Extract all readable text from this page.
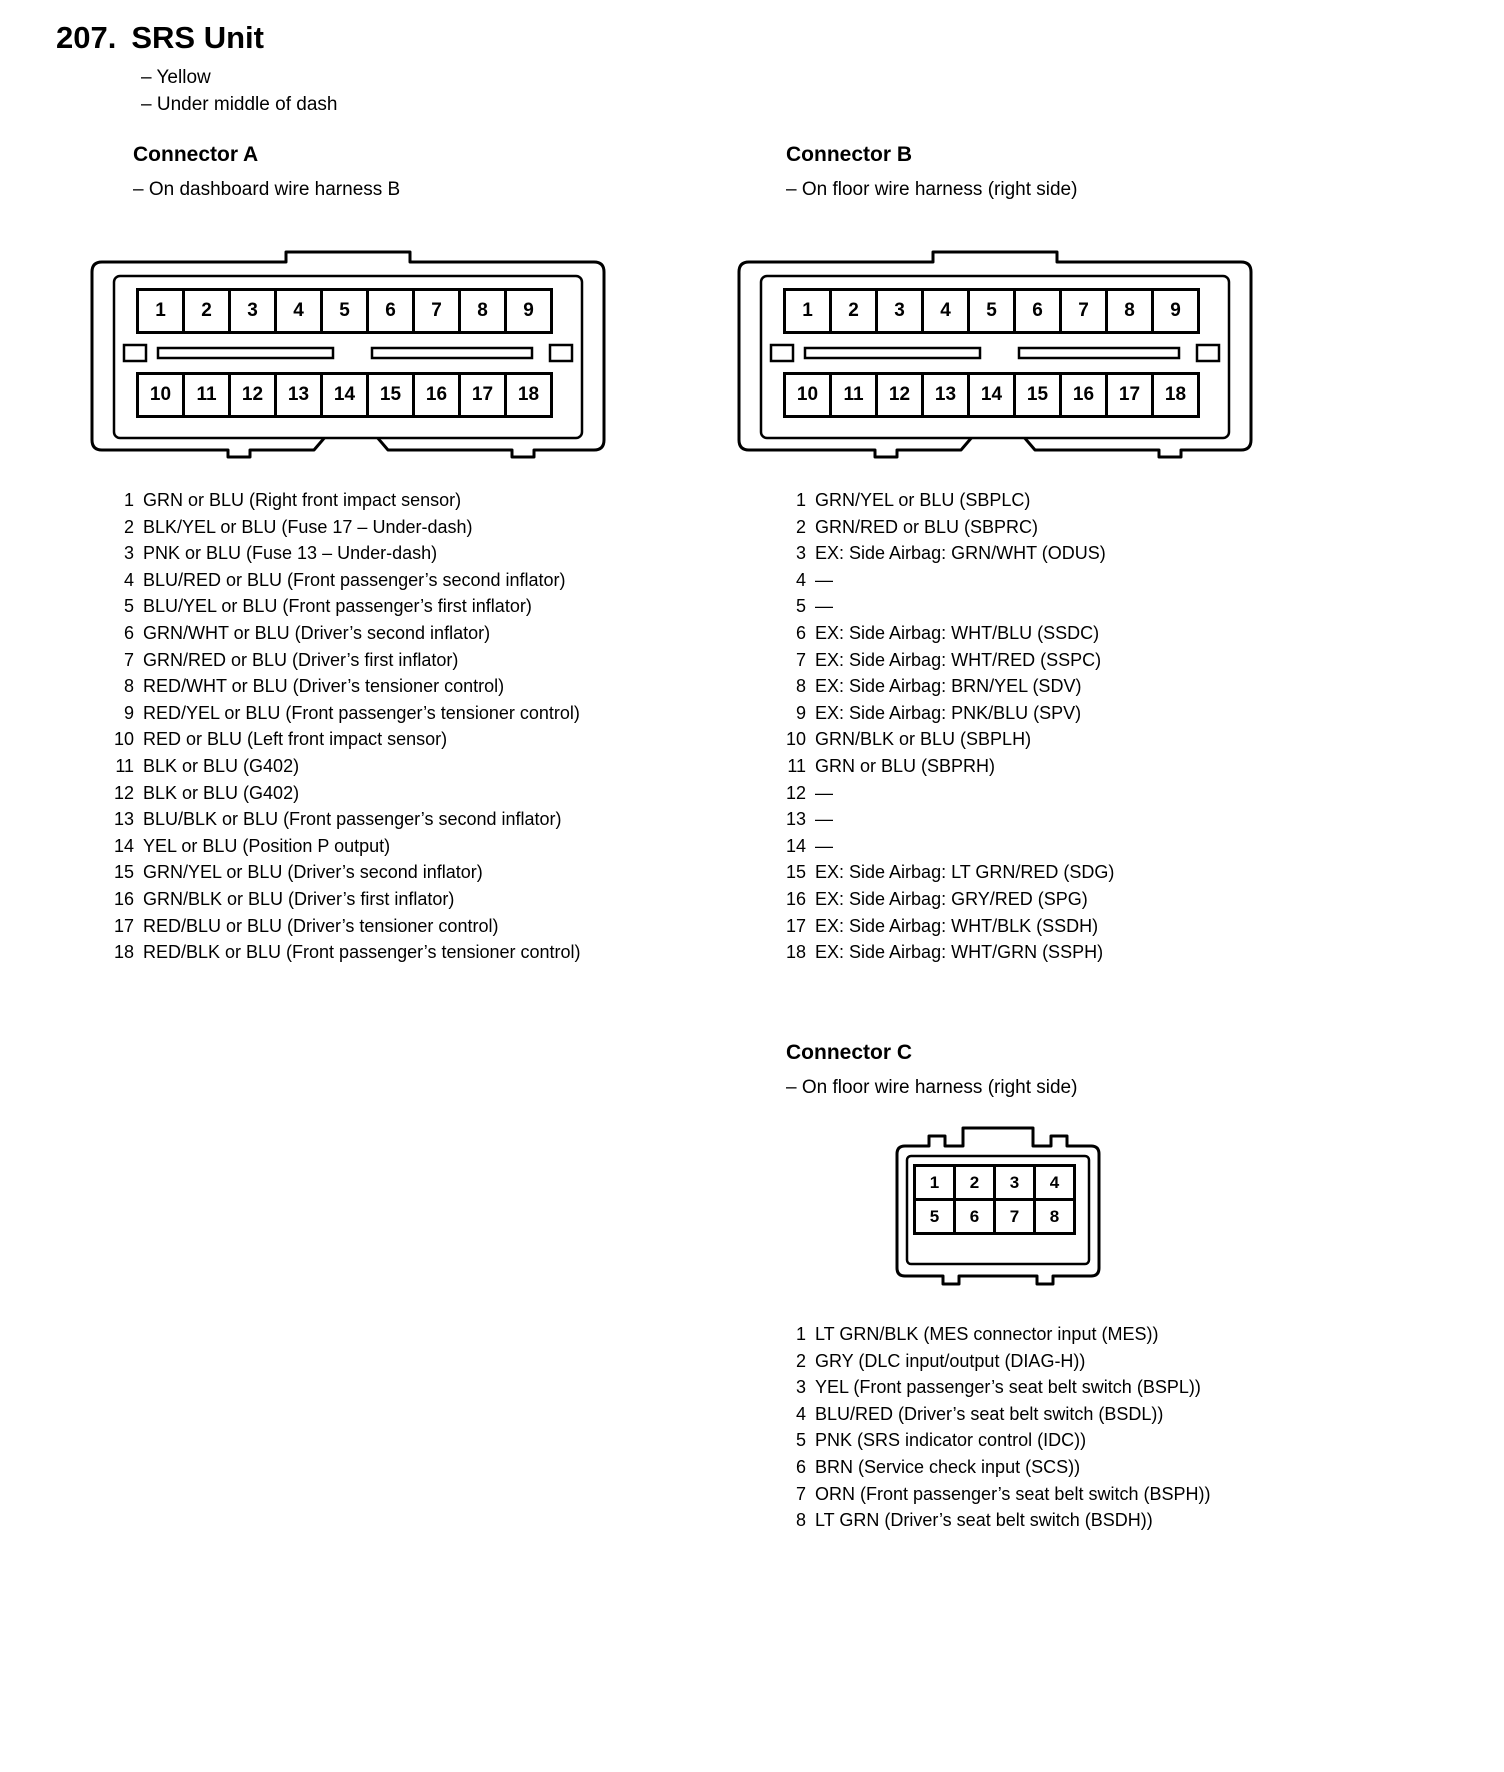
207. SRS Unit
– Yellow
– Under middle of dash
Connector A
– On dashboard wire harness B
1	2	3	4	5	6	7	8	9
10	11	12	13	14	15	16	17	18
1 GRN or BLU (Right front impact sensor)
2 BLK/YEL or BLU (Fuse 17 – Under-dash)
3 PNK or BLU (Fuse 13 – Under-dash)
4 BLU/RED or BLU (Front passenger’s second inflator)
5 BLU/YEL or BLU (Front passenger’s first inflator)
6 GRN/WHT or BLU (Driver’s second inflator)
7 GRN/RED or BLU (Driver’s first inflator)
8 RED/WHT or BLU (Driver’s tensioner control)
9 RED/YEL or BLU (Front passenger’s tensioner control)
10 RED or BLU (Left front impact sensor)
11 BLK or BLU (G402)
12 BLK or BLU (G402)
13 BLU/BLK or BLU (Front passenger’s second inflator)
14 YEL or BLU (Position P output)
15 GRN/YEL or BLU (Driver’s second inflator)
16 GRN/BLK or BLU (Driver’s first inflator)
17 RED/BLU or BLU (Driver’s tensioner control)
18 RED/BLK or BLU (Front passenger’s tensioner control)
Connector B
– On floor wire harness (right side)
1	2	3	4	5	6	7	8	9
10	11	12	13	14	15	16	17	18
1 GRN/YEL or BLU (SBPLC)
2 GRN/RED or BLU (SBPRC)
3 EX: Side Airbag: GRN/WHT (ODUS)
4 —
5 —
6 EX: Side Airbag: WHT/BLU (SSDC)
7 EX: Side Airbag: WHT/RED (SSPC)
8 EX: Side Airbag: BRN/YEL (SDV)
9 EX: Side Airbag: PNK/BLU (SPV)
10 GRN/BLK or BLU (SBPLH)
11 GRN or BLU (SBPRH)
12 —
13 —
14 —
15 EX: Side Airbag: LT GRN/RED (SDG)
16 EX: Side Airbag: GRY/RED (SPG)
17 EX: Side Airbag: WHT/BLK (SSDH)
18 EX: Side Airbag: WHT/GRN (SSPH)
Connector C
– On floor wire harness (right side)
1	2	3	4
5	6	7	8
1 LT GRN/BLK (MES connector input (MES))
2 GRY (DLC input/output (DIAG-H))
3 YEL (Front passenger’s seat belt switch (BSPL))
4 BLU/RED (Driver’s seat belt switch (BSDL))
5 PNK (SRS indicator control (IDC))
6 BRN (Service check input (SCS))
7 ORN (Front passenger’s seat belt switch (BSPH))
8 LT GRN (Driver’s seat belt switch (BSDH))
